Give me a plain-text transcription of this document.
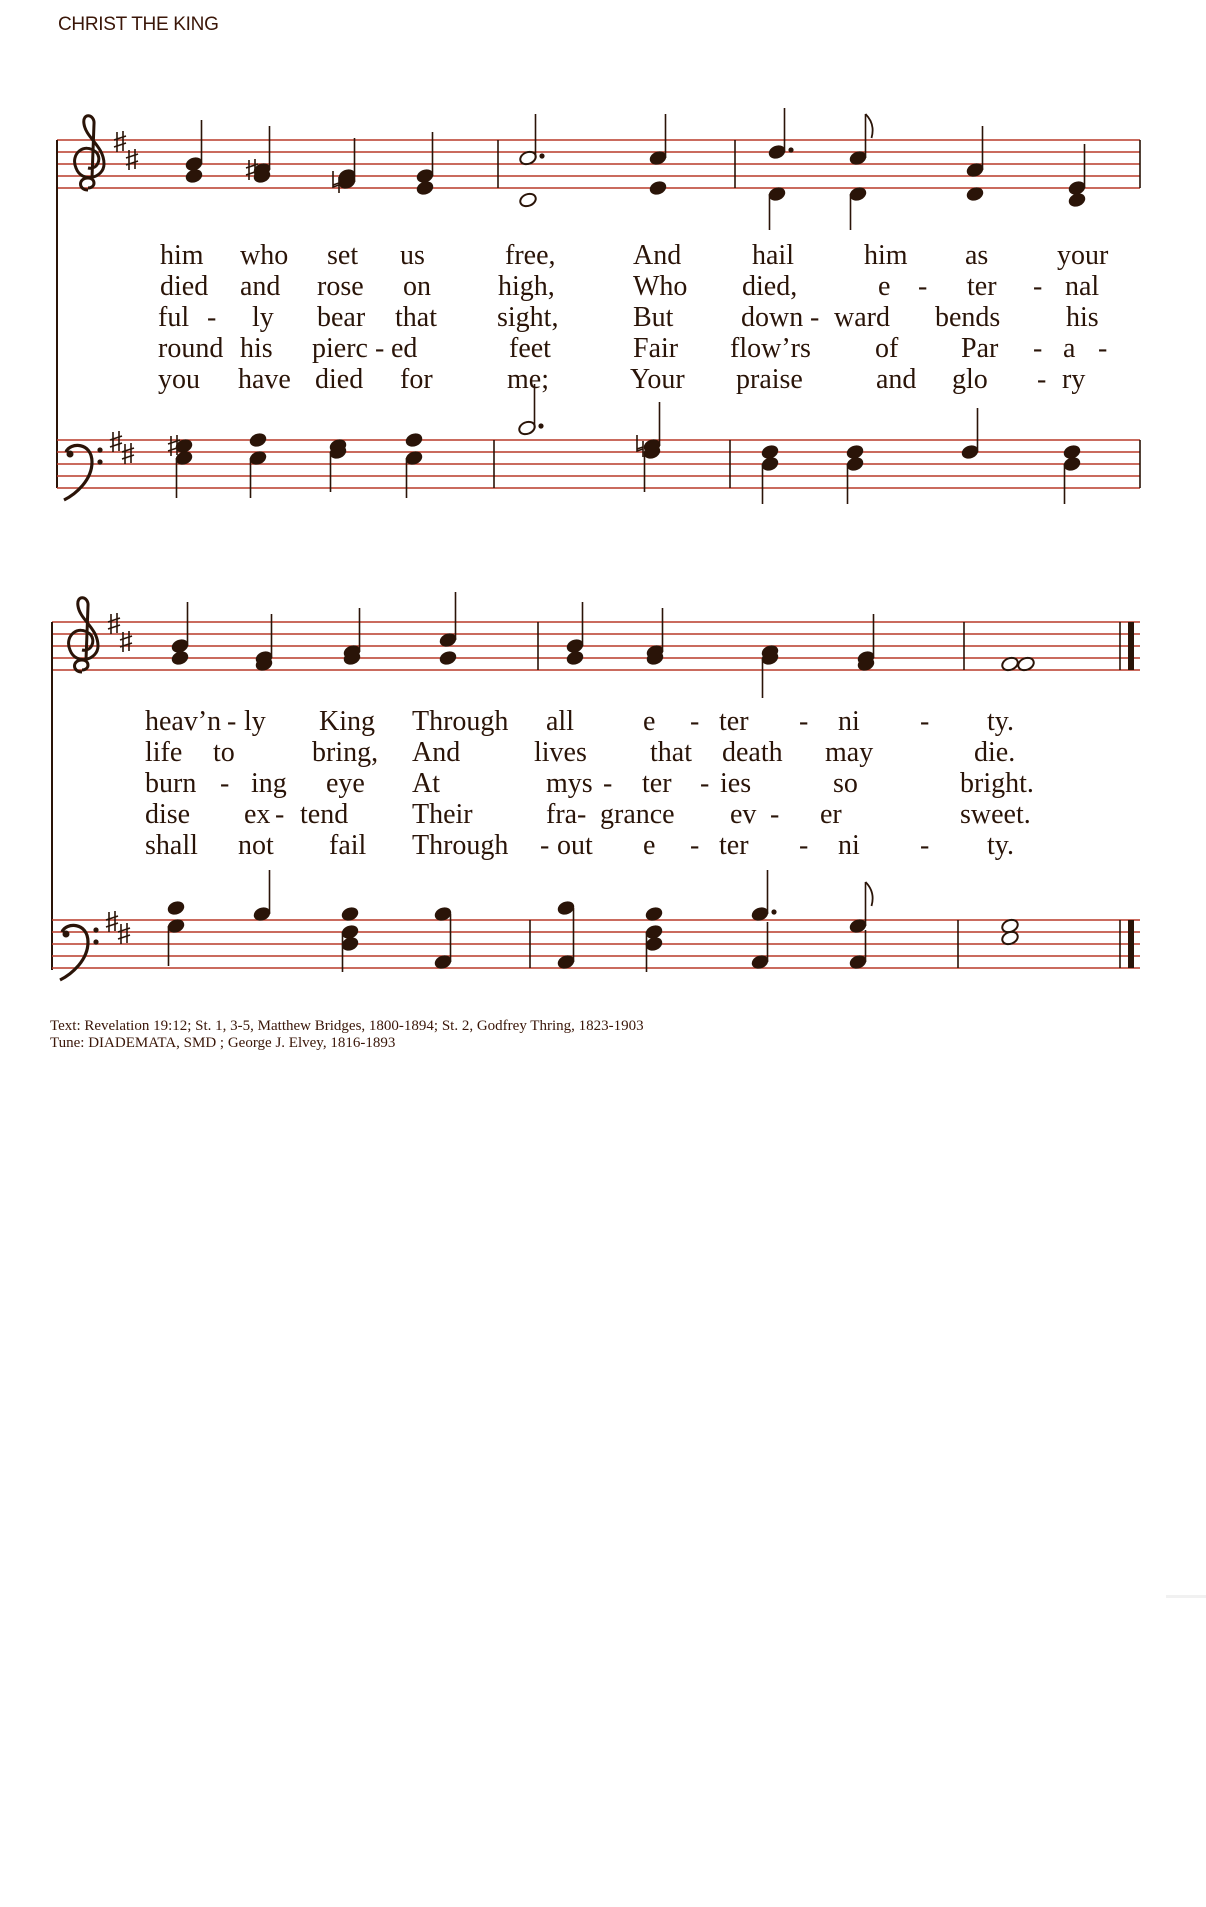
CHRIST THE KING
him who set us	free,	And	hail	him as your
died and rose on high,	Who died,	e - ter - nal
ful - ly bear that sight,	But down - ward bends his
round his pierc - ed	feet	Fair flow’rs of Par - a -
you have died for	me;	Your praise	and glo - ry
heav’n - ly King Through all e - ter - ni - ty.
life to	bring, And	lives that death may	die.
burn - ing eye At	mys - ter - ies	so	bright.
dise ex - tend Their	fra - grance ev - er	sweet.
shall not fail Through - out e - ter - ni - ty.
Text: Revelation 19:12; St. 1, 3-5, Matthew Bridges, 1800-1894; St. 2, Godfrey Thring, 1823-1903
Tune: DIADEMATA, SMD ; George J. Elvey, 1816-1893
